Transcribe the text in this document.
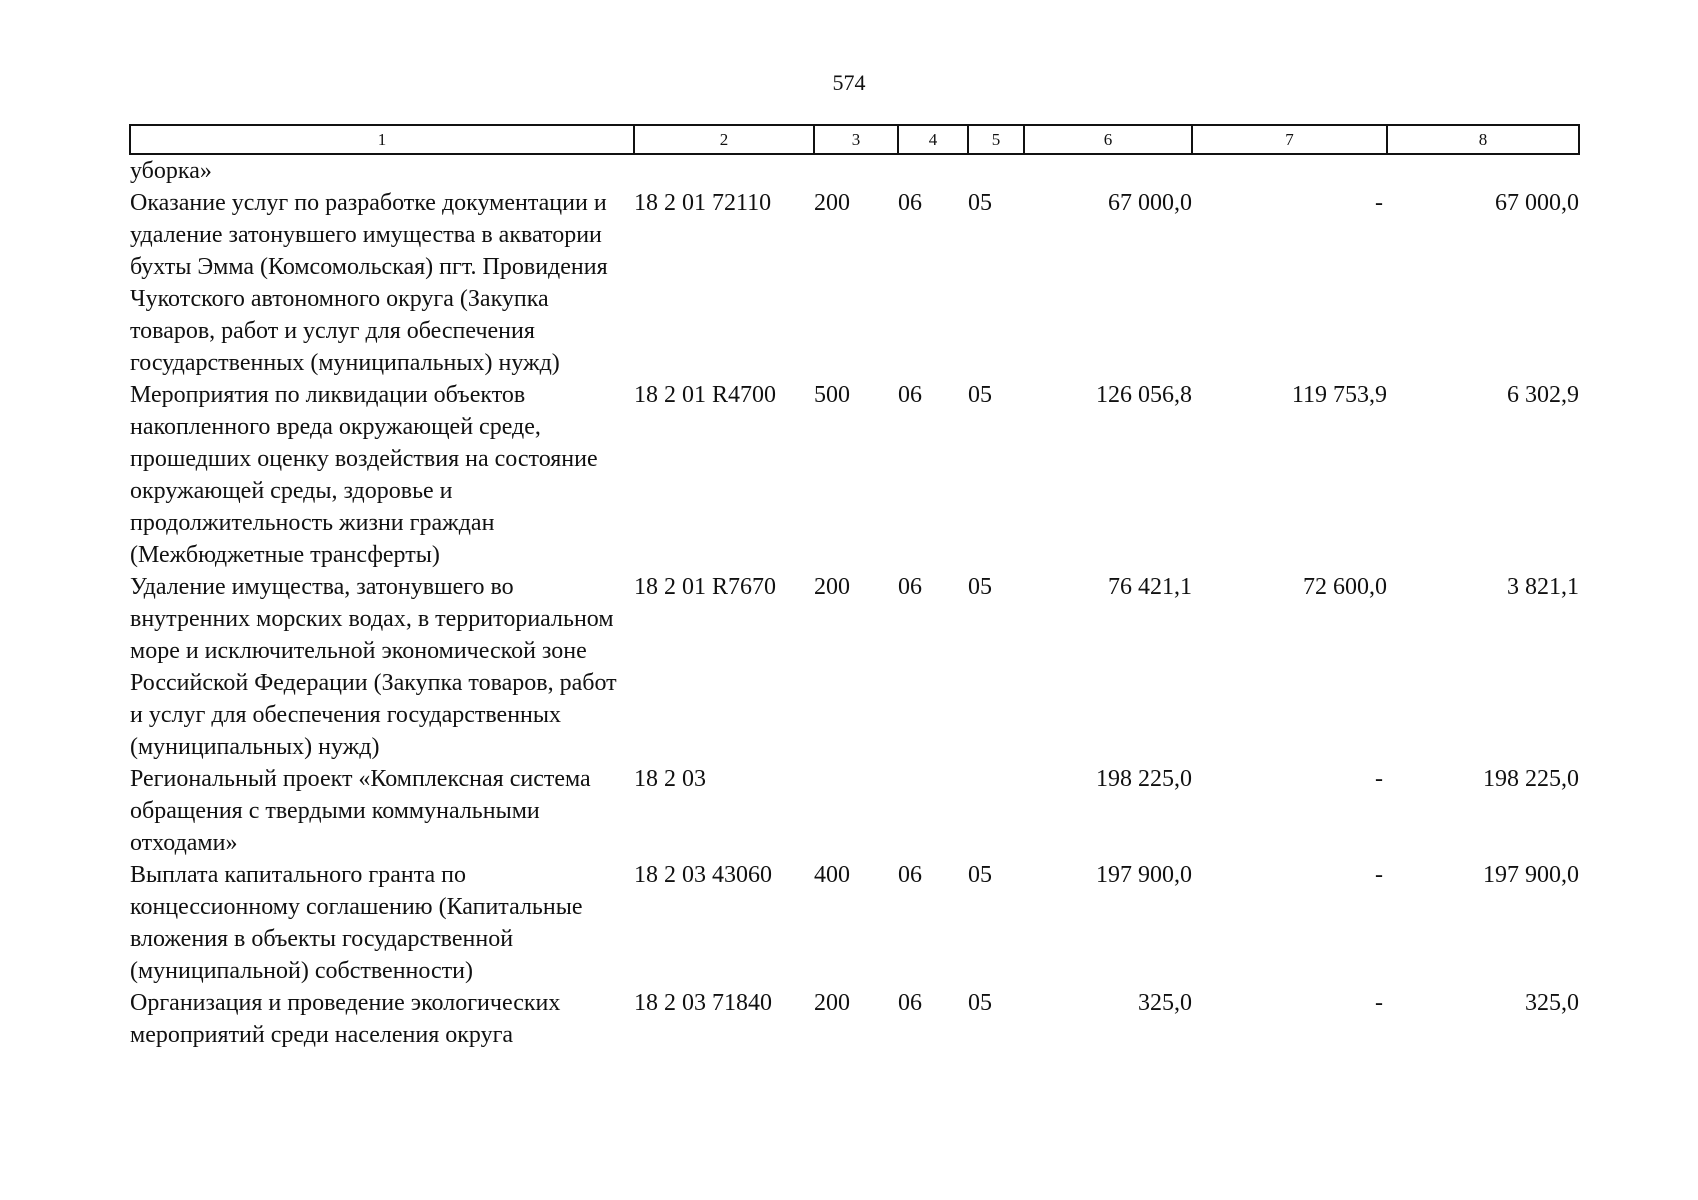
574
1	2	3	4	5	6	7	8
уборка»							
Оказание услуг по разработке документации и удаление затонувшего имущества в акватории бухты Эмма (Комсомольская) пгт. Провидения Чукотского автономного округа (Закупка товаров, работ и услуг для обеспечения государственных (муниципальных) нужд)	18 2 01 72110	200	06	05	67 000,0	-	67 000,0
Мероприятия по ликвидации объектов накопленного вреда окружающей среде, прошедших оценку воздействия на состояние окружающей среды, здоровье и продолжительность жизни граждан (Межбюджетные трансферты)	18 2 01 R4700	500	06	05	126 056,8	119 753,9	6 302,9
Удаление имущества, затонувшего во внутренних морских водах, в территориальном море и исключительной экономической зоне Российской Федерации (Закупка товаров, работ и услуг для обеспечения государственных (муниципальных) нужд)	18 2 01 R7670	200	06	05	76 421,1	72 600,0	3 821,1
Региональный проект «Комплексная система обращения с твердыми коммунальными отходами»	18 2 03				198 225,0	-	198 225,0
Выплата капитального гранта по концессионному соглашению (Капитальные вложения в объекты государственной (муниципальной) собственности)	18 2 03 43060	400	06	05	197 900,0	-	197 900,0
Организация и проведение экологических мероприятий среди населения округа	18 2 03 71840	200	06	05	325,0	-	325,0
